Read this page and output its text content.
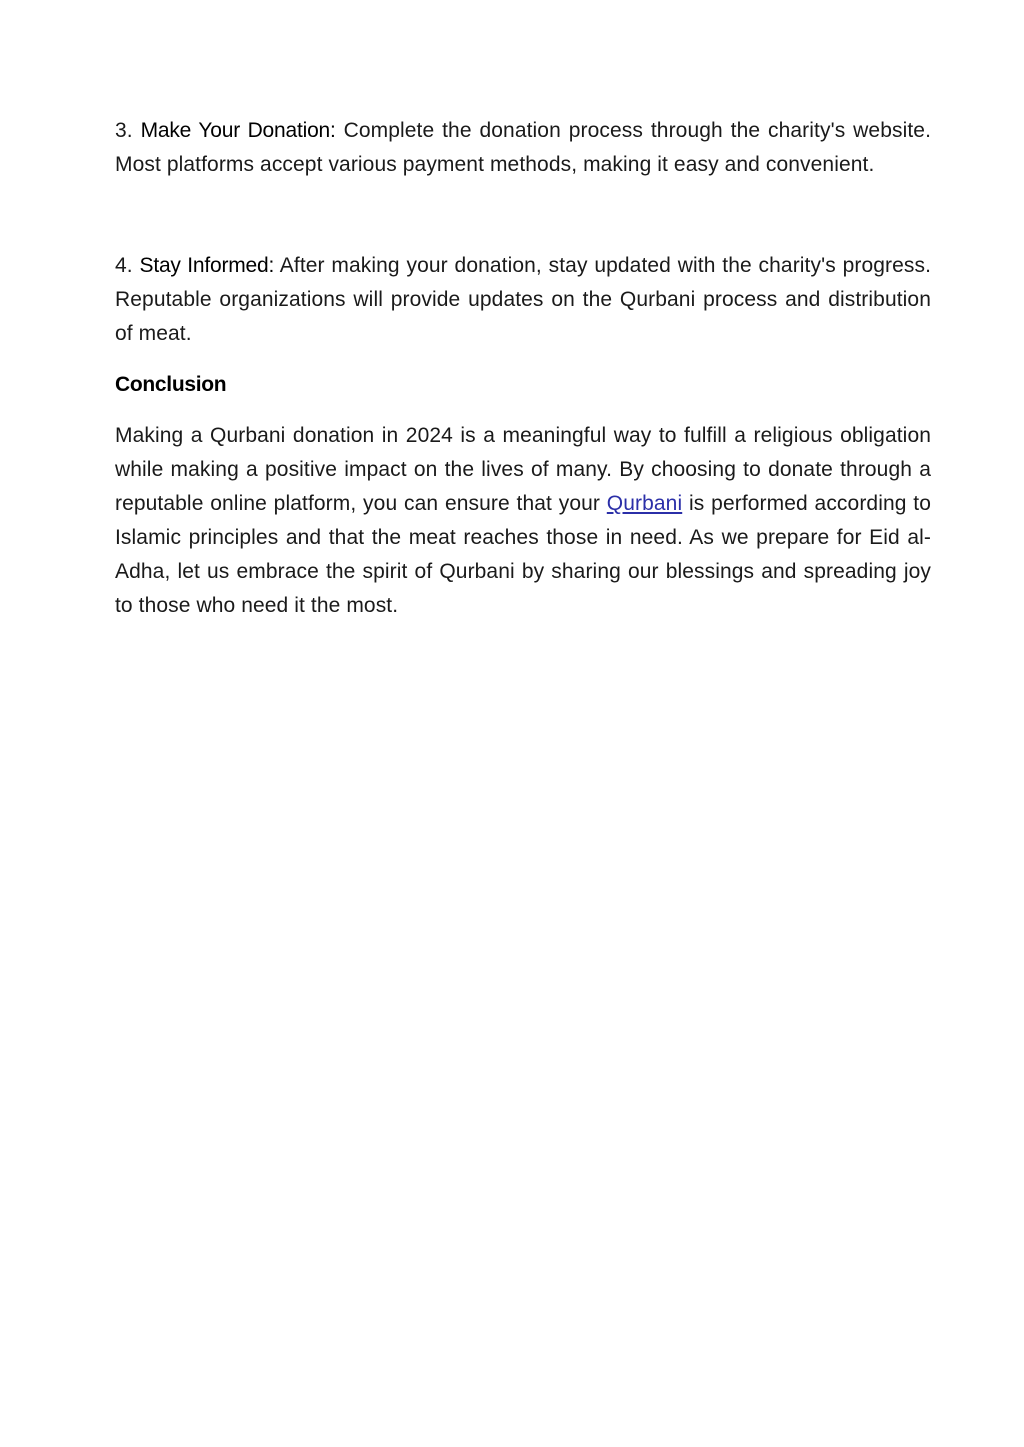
3. Make Your Donation: Complete the donation process through the charity's website. Most platforms accept various payment methods, making it easy and convenient.

4. Stay Informed: After making your donation, stay updated with the charity's progress. Reputable organizations will provide updates on the Qurbani process and distribution of meat.

Conclusion

Making a Qurbani donation in 2024 is a meaningful way to fulfill a religious obligation while making a positive impact on the lives of many. By choosing to donate through a reputable online platform, you can ensure that your Qurbani is performed according to Islamic principles and that the meat reaches those in need. As we prepare for Eid al-Adha, let us embrace the spirit of Qurbani by sharing our blessings and spreading joy to those who need it the most.
